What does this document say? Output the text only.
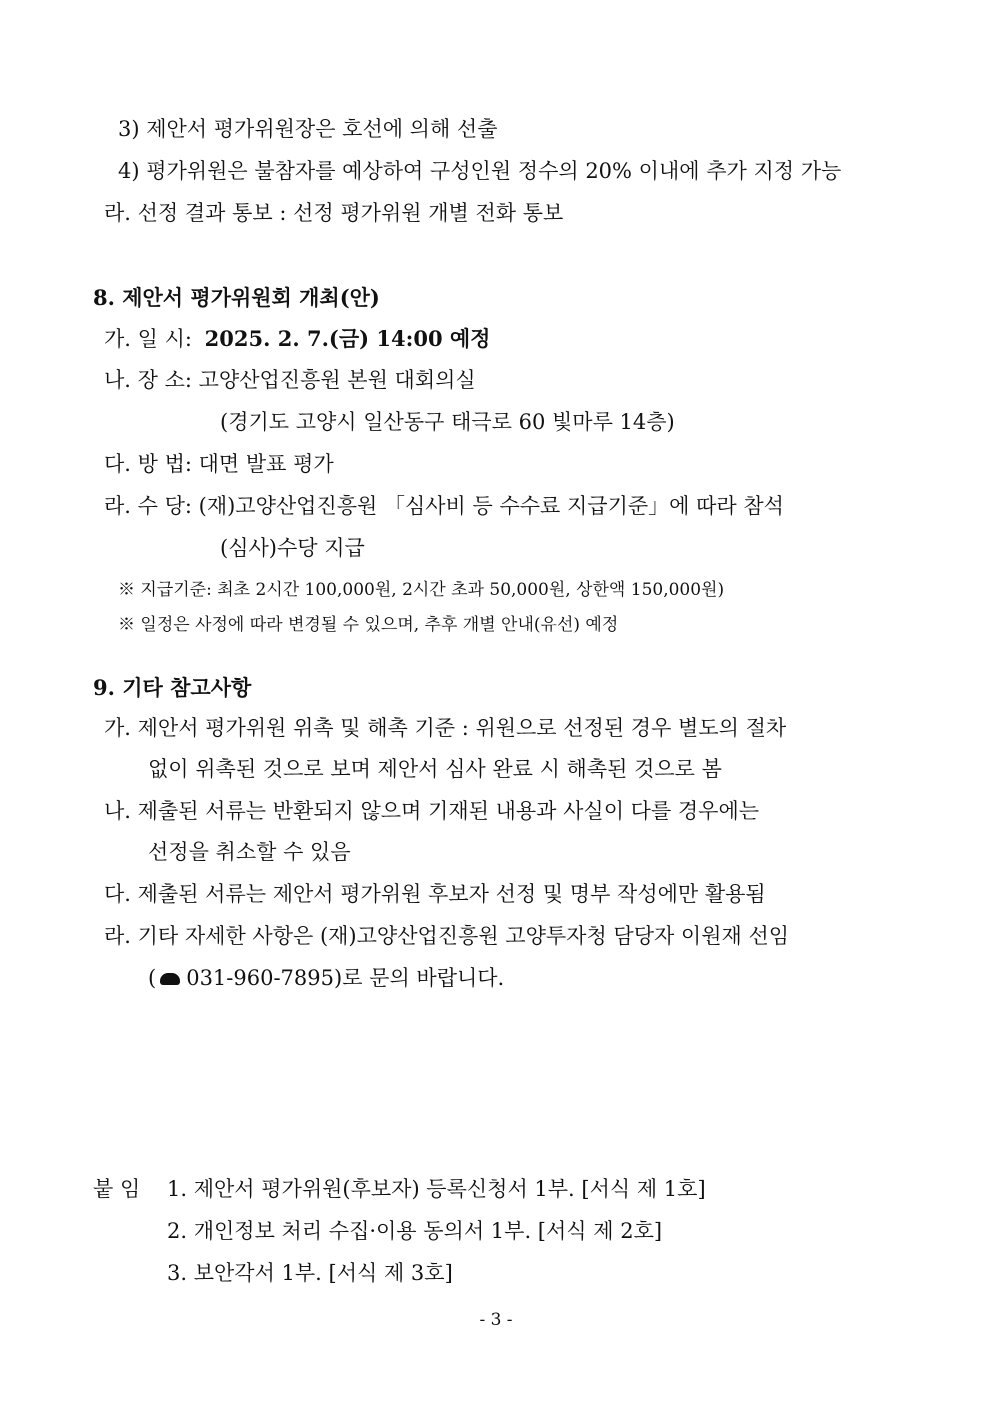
3) 제안서 평가위원장은 호선에 의해 선출
4) 평가위원은 불참자를 예상하여 구성인원 정수의 20% 이내에 추가 지정 가능
라. 선정 결과 통보 : 선정 평가위원 개별 전화 통보
8. 제안서 평가위원회 개최(안)
가. 일 시: 2025. 2. 7.(금) 14:00 예정
나. 장 소: 고양산업진흥원 본원 대회의실
(경기도 고양시 일산동구 태극로 60 빛마루 14층)
다. 방 법: 대면 발표 평가
라. 수 당: (재)고양산업진흥원 「심사비 등 수수료 지급기준」에 따라 참석
(심사)수당 지급
※ 지급기준: 최초 2시간 100,000원, 2시간 초과 50,000원, 상한액 150,000원)
※ 일정은 사정에 따라 변경될 수 있으며, 추후 개별 안내(유선) 예정
9. 기타 참고사항
가. 제안서 평가위원 위촉 및 해촉 기준 : 위원으로 선정된 경우 별도의 절차
없이 위촉된 것으로 보며 제안서 심사 완료 시 해촉된 것으로 봄
나. 제출된 서류는 반환되지 않으며 기재된 내용과 사실이 다를 경우에는
선정을 취소할 수 있음
다. 제출된 서류는 제안서 평가위원 후보자 선정 및 명부 작성에만 활용됨
라. 기타 자세한 사항은 (재)고양산업진흥원 고양투자청 담당자 이원재 선임
( 031-960-7895)로 문의 바랍니다.
붙 임 1. 제안서 평가위원(후보자) 등록신청서 1부. [서식 제 1호]
2. 개인정보 처리 수집·이용 동의서 1부. [서식 제 2호]
3. 보안각서 1부. [서식 제 3호]
- 3 -
